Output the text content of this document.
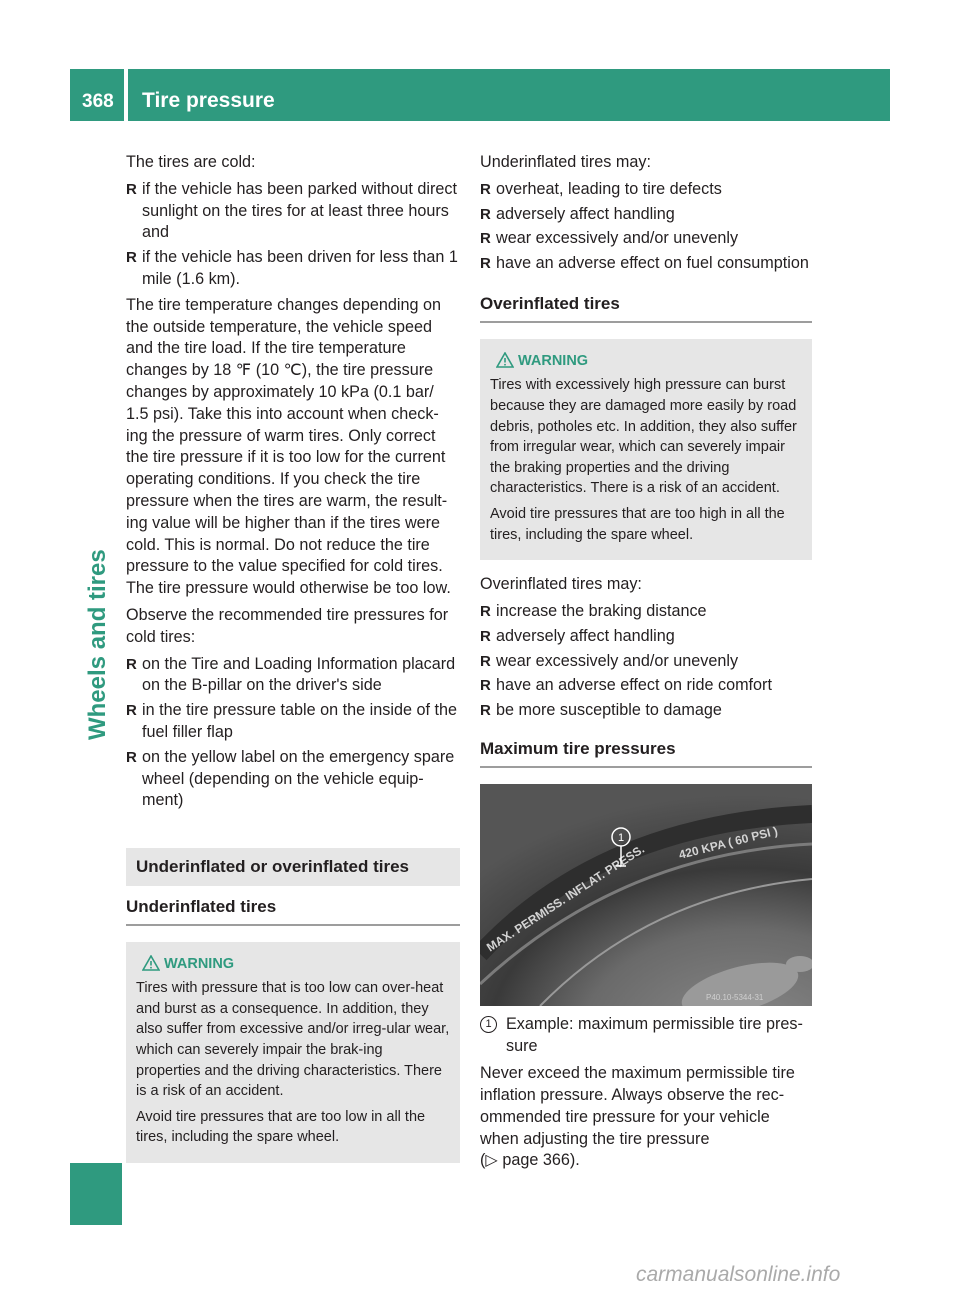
368 Tire pressure
Wheels and tires

The tires are cold:

R if the vehicle has been parked without direct sunlight on the tires for at least three hours and
R if the vehicle has been driven for less than 1 mile (1.6 km).

The tire temperature changes depending on the outside temperature, the vehicle speed and the tire load. If the tire temperature changes by 18 ℉ (10 ℃), the tire pressure changes by approximately 10 kPa (0.1 bar/ 1.5 psi). Take this into account when check-ing the pressure of warm tires. Only correct the tire pressure if it is too low for the current operating conditions. If you check the tire pressure when the tires are warm, the result-ing value will be higher than if the tires were cold. This is normal. Do not reduce the tire pressure to the value specified for cold tires. The tire pressure would otherwise be too low.

Observe the recommended tire pressures for cold tires:

R on the Tire and Loading Information placard on the B-pillar on the driver's side
R in the tire pressure table on the inside of the fuel filler flap
R on the yellow label on the emergency spare wheel (depending on the vehicle equip-ment)
Underinflated or overinflated tires
Underinflated tires
WARNING

Tires with pressure that is too low can over-heat and burst as a consequence. In addition, they also suffer from excessive and/or irreg-ular wear, which can severely impair the brak-ing properties and the driving characteristics. There is a risk of an accident.

Avoid tire pressures that are too low in all the tires, including the spare wheel.

Underinflated tires may:

R overheat, leading to tire defects
R adversely affect handling
R wear excessively and/or unevenly
R have an adverse effect on fuel consumption
Overinflated tires
WARNING

Tires with excessively high pressure can burst because they are damaged more easily by road debris, potholes etc. In addition, they also suffer from irregular wear, which can severely impair the braking properties and the driving characteristics. There is a risk of an accident.

Avoid tire pressures that are too high in all the tires, including the spare wheel.

Overinflated tires may:

R increase the braking distance
R adversely affect handling
R wear excessively and/or unevenly
R have an adverse effect on ride comfort
R be more susceptible to damage
Maximum tire pressures
MAX. PERMISS. INFLAT. PRESS.	420 KPA ( 60 PSI )
1
P40.10-5344-31
1 Example: maximum permissible tire pres-sure

Never exceed the maximum permissible tire inflation pressure. Always observe the rec-ommended tire pressure for your vehicle when adjusting the tire pressure
(▷ page 366).

carmanualsonline.info
